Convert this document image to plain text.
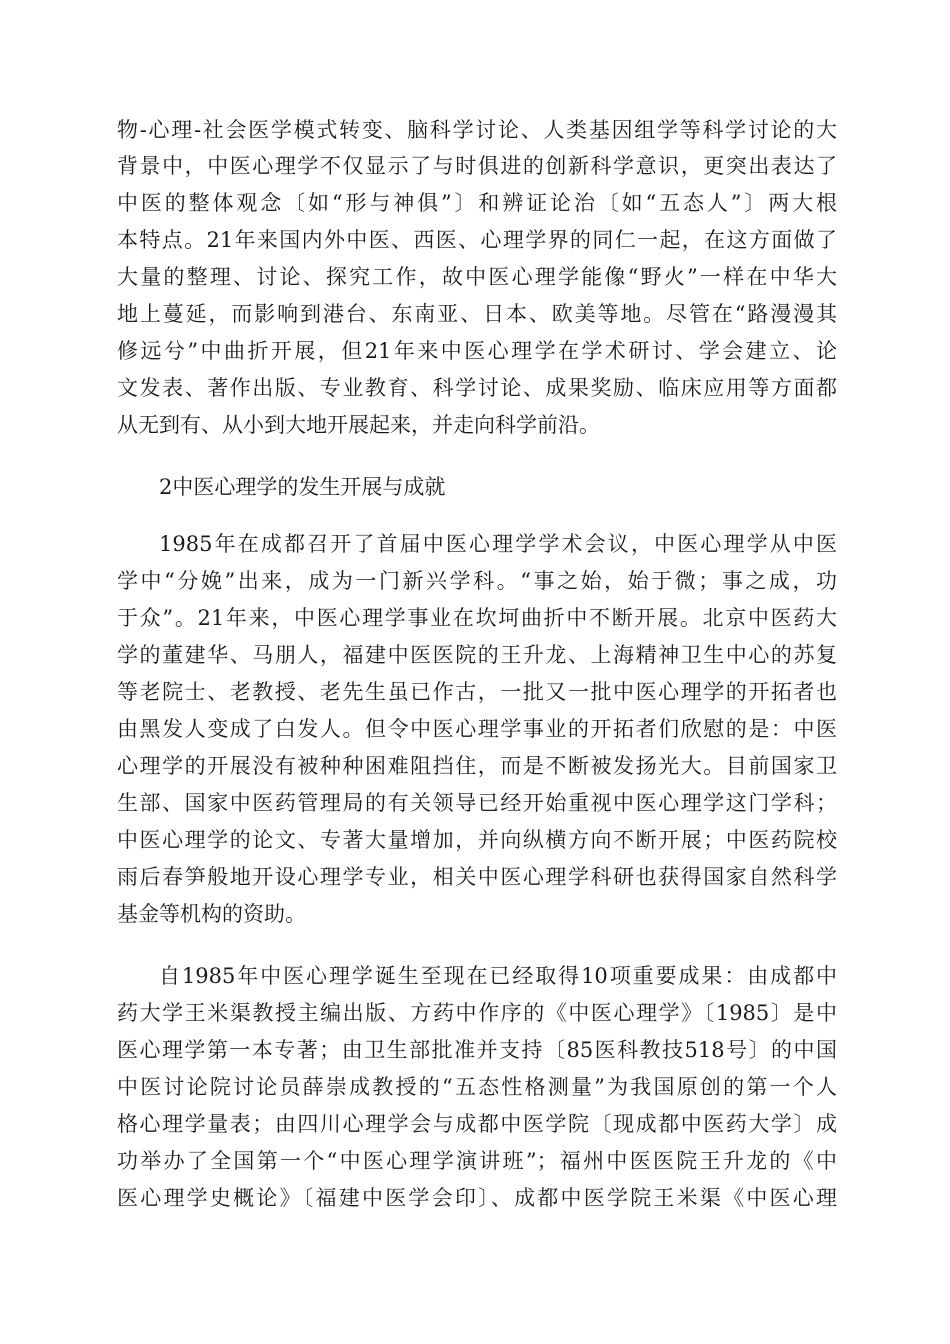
物-心理-社会医学模式转变、脑科学讨论、人类基因组学等科学讨论的大
背景中，中医心理学不仅显示了与时俱进的创新科学意识，更突出表达了
中医的整体观念〔如“形与神俱”〕和辨证论治〔如“五态人”〕两大根
本特点。21年来国内外中医、西医、心理学界的同仁一起，在这方面做了
大量的整理、讨论、探究工作，故中医心理学能像“野火”一样在中华大
地上蔓延，而影响到港台、东南亚、日本、欧美等地。尽管在“路漫漫其
修远兮”中曲折开展，但21年来中医心理学在学术研讨、学会建立、论
文发表、著作出版、专业教育、科学讨论、成果奖励、临床应用等方面都
从无到有、从小到大地开展起来，并走向科学前沿。
2中医心理学的发生开展与成就
1985年在成都召开了首届中医心理学学术会议，中医心理学从中医
学中“分娩”出来，成为一门新兴学科。“事之始，始于微；事之成，功
于众”。21年来，中医心理学事业在坎坷曲折中不断开展。北京中医药大
学的董建华、马朋人，福建中医医院的王升龙、上海精神卫生中心的苏复
等老院士、老教授、老先生虽已作古，一批又一批中医心理学的开拓者也
由黑发人变成了白发人。但令中医心理学事业的开拓者们欣慰的是：中医
心理学的开展没有被种种困难阻挡住，而是不断被发扬光大。目前国家卫
生部、国家中医药管理局的有关领导已经开始重视中医心理学这门学科；
中医心理学的论文、专著大量增加，并向纵横方向不断开展；中医药院校
雨后春笋般地开设心理学专业，相关中医心理学科研也获得国家自然科学
基金等机构的资助。
自1985年中医心理学诞生至现在已经取得10项重要成果：由成都中
药大学王米渠教授主编出版、方药中作序的《中医心理学》〔1985〕是中
医心理学第一本专著；由卫生部批准并支持〔85医科教技518号〕的中国
中医讨论院讨论员薛崇成教授的“五态性格测量”为我国原创的第一个人
格心理学量表；由四川心理学会与成都中医学院〔现成都中医药大学〕成
功举办了全国第一个“中医心理学演讲班”；福州中医医院王升龙的《中
医心理学史概论》〔福建中医学会印〕、成都中医学院王米渠《中医心理
